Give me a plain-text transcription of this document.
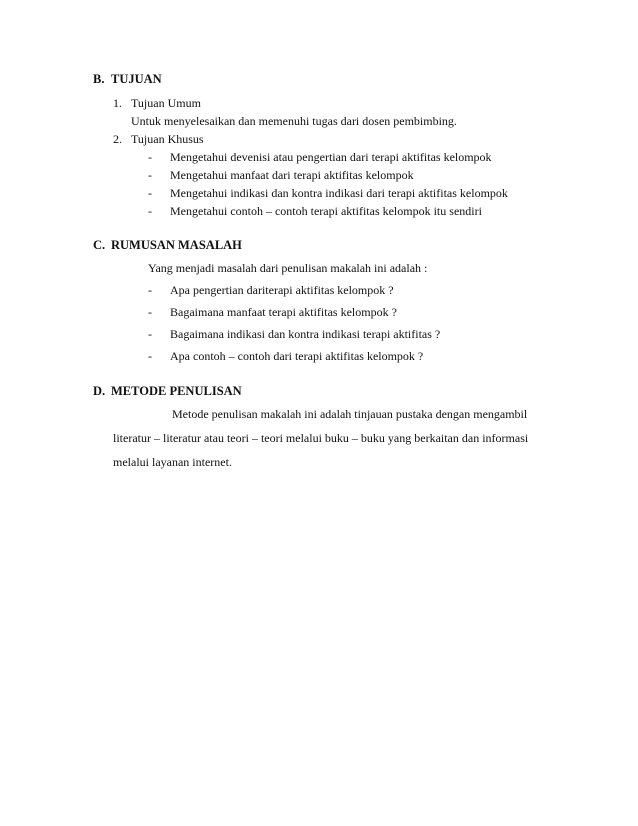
B. TUJUAN
1. Tujuan Umum
Untuk menyelesaikan dan memenuhi tugas dari dosen pembimbing.
2. Tujuan Khusus
- Mengetahui devenisi atau pengertian dari terapi aktifitas kelompok
- Mengetahui manfaat dari terapi aktifitas kelompok
- Mengetahui indikasi dan kontra indikasi dari terapi aktifitas kelompok
- Mengetahui contoh – contoh terapi aktifitas kelompok itu sendiri
C. RUMUSAN MASALAH
Yang menjadi masalah dari penulisan makalah ini adalah :
- Apa pengertian dariterapi aktifitas kelompok ?
- Bagaimana manfaat terapi aktifitas kelompok ?
- Bagaimana indikasi dan kontra indikasi terapi aktifitas ?
- Apa contoh – contoh dari terapi aktifitas kelompok ?
D. METODE PENULISAN
Metode penulisan makalah ini adalah tinjauan pustaka dengan mengambil
literatur – literatur atau teori – teori melalui buku – buku yang berkaitan dan informasi
melalui layanan internet.
